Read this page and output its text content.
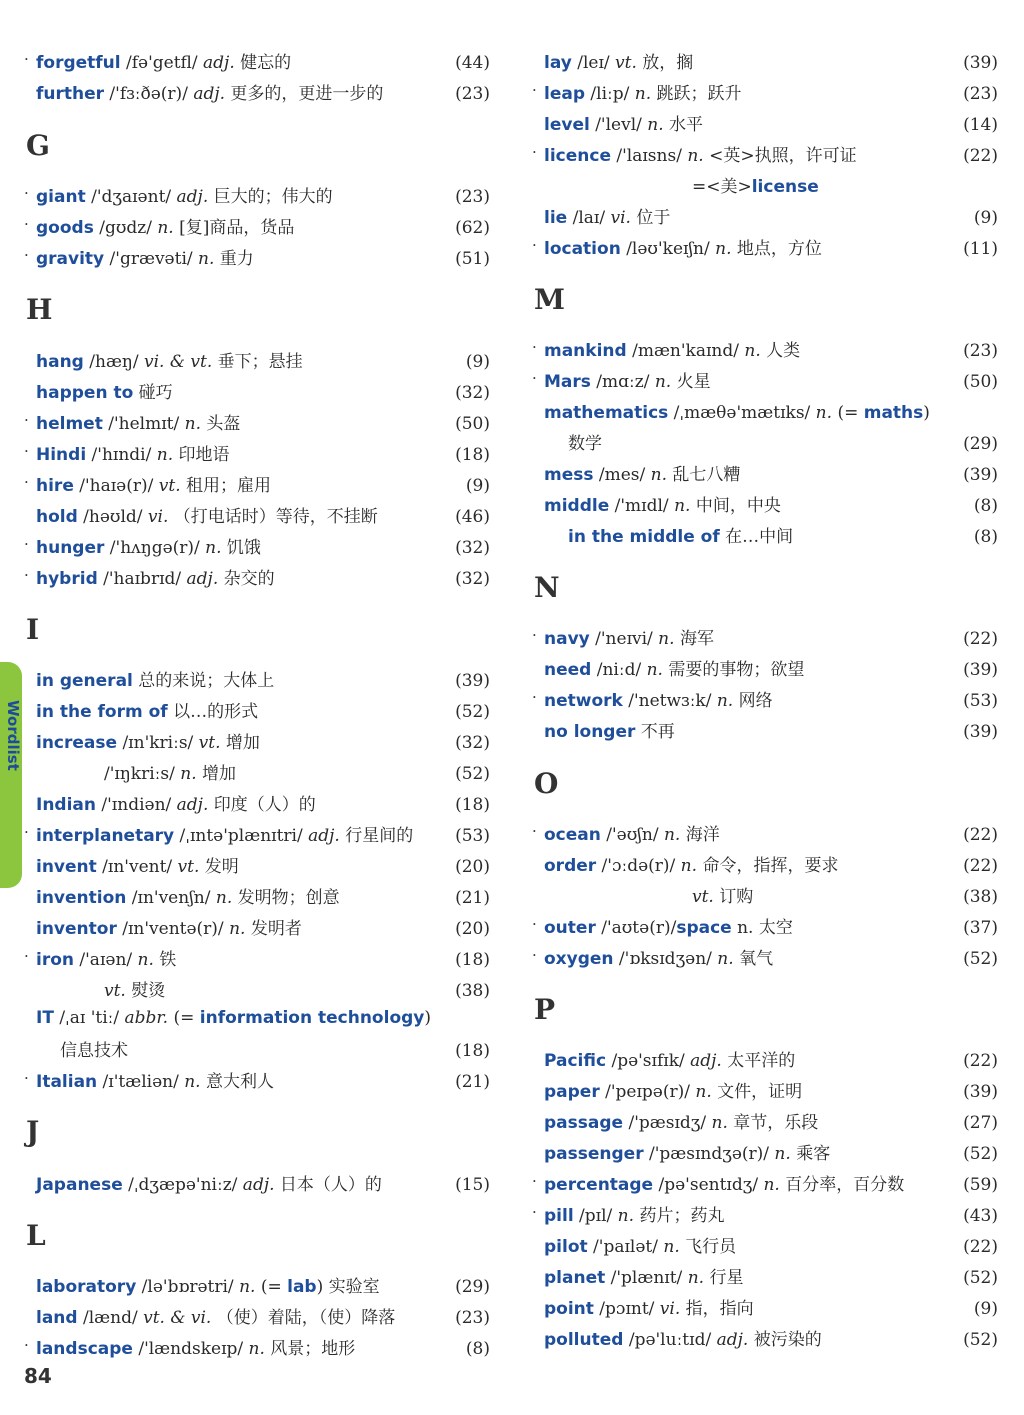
Wordlist
· forgetful /fə'getfl/ adj. 健忘的	(44)
further /'fɜːðə(r)/ adj. 更多的，更进一步的	(23)
G
· giant /'dʒaɪənt/ adj. 巨大的；伟大的	(23)
· goods /gʊdz/ n. [复]商品，货品	(62)
· gravity /'grævəti/ n. 重力	(51)
H
hang /hæŋ/ vi. & vt. 垂下；悬挂	(9)
happen to 碰巧	(32)
· helmet /'helmɪt/ n. 头盔	(50)
· Hindi /'hɪndi/ n. 印地语	(18)
· hire /'haɪə(r)/ vt. 租用；雇用	(9)
hold /həʊld/ vi. （打电话时）等待，不挂断	(46)
· hunger /'hʌŋgə(r)/ n. 饥饿	(32)
· hybrid /'haɪbrɪd/ adj. 杂交的	(32)
I
in general 总的来说；大体上	(39)
in the form of 以…的形式	(52)
increase /ɪn'kriːs/ vt. 增加	(32)
/'ɪŋkriːs/ n. 增加	(52)
Indian /'ɪndiən/ adj. 印度（人）的	(18)
· interplanetary /ˌɪntə'plænɪtri/ adj. 行星间的 (53)
invent /ɪn'vent/ vt. 发明	(20)
invention /ɪn'venʃn/ n. 发明物；创意	(21)
inventor /ɪn'ventə(r)/ n. 发明者	(20)
· iron /'aɪən/ n. 铁	(18)
vt. 熨烫	(38)
IT /ˌaɪ 'tiː/ abbr. (= information technology)
信息技术	(18)
· Italian /ɪ'tæliən/ n. 意大利人	(21)
J
Japanese /ˌdʒæpə'niːz/ adj. 日本（人）的	(15)
L
laboratory /lə'bɒrətri/ n. (= lab) 实验室	(29)
land /lænd/ vt. & vi. （使）着陆，（使）降落	(23)
· landscape /'lændskeɪp/ n. 风景；地形	(8)
lay /leɪ/ vt. 放，搁	(39)
· leap /liːp/ n. 跳跃；跃升	(23)
level /'levl/ n. 水平	(14)
· licence /'laɪsns/ n. <英>执照，许可证	(22)
=<美>license
lie /laɪ/ vi. 位于	(9)
· location /ləʊ'keɪʃn/ n. 地点，方位	(11)
M
· mankind /mæn'kaɪnd/ n. 人类	(23)
· Mars /mɑːz/ n. 火星	(50)
mathematics /ˌmæθə'mætɪks/ n. (= maths)
数学	(29)
mess /mes/ n. 乱七八糟	(39)
middle /'mɪdl/ n. 中间，中央	(8)
in the middle of 在…中间	(8)
N
· navy /'neɪvi/ n. 海军	(22)
need /niːd/ n. 需要的事物；欲望	(39)
· network /'netwɜːk/ n. 网络	(53)
no longer 不再	(39)
O
· ocean /'əʊʃn/ n. 海洋	(22)
order /'ɔːdə(r)/ n. 命令，指挥，要求	(22)
vt. 订购	(38)
· outer /'aʊtə(r)/space n. 太空	(37)
· oxygen /'ɒksɪdʒən/ n. 氧气	(52)
P
Pacific /pə'sɪfɪk/ adj. 太平洋的	(22)
paper /'peɪpə(r)/ n. 文件，证明	(39)
passage /'pæsɪdʒ/ n. 章节，乐段	(27)
passenger /'pæsɪndʒə(r)/ n. 乘客	(52)
· percentage /pə'sentɪdʒ/ n. 百分率，百分数	(59)
· pill /pɪl/ n. 药片；药丸	(43)
pilot /'paɪlət/ n. 飞行员	(22)
planet /'plænɪt/ n. 行星	(52)
point /pɔɪnt/ vi. 指，指向	(9)
polluted /pə'luːtɪd/ adj. 被污染的	(52)
84
